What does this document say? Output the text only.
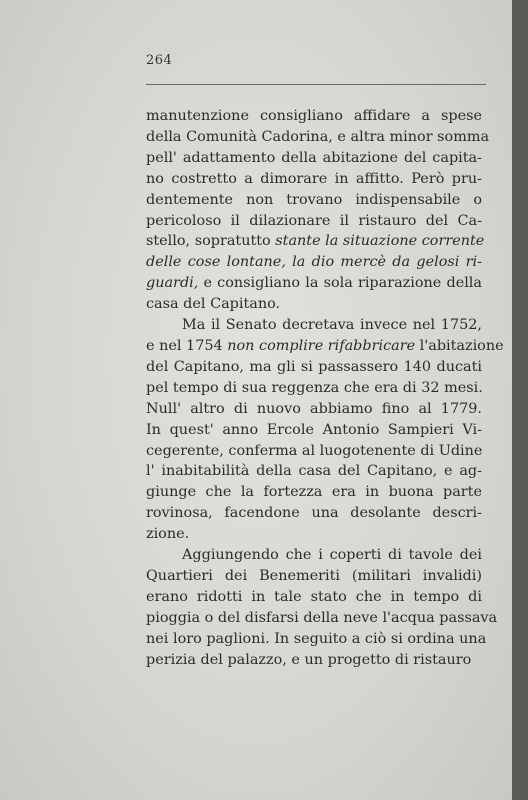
264
manutenzione consigliano affidare a spese
della Comunità Cadorina, e altra minor somma
pell' adattamento della abitazione del capita-
no costretto a dimorare in affitto. Però pru-
dentemente non trovano indispensabile o
pericoloso il dilazionare il ristauro del Ca-
stello, sopratutto stante la situazione corrente
delle cose lontane, la dio mercè da gelosi ri-
guardi, e consigliano la sola riparazione della
casa del Capitano.
Ma il Senato decretava invece nel 1752,
e nel 1754 non complire rifabbricare l'abitazione
del Capitano, ma gli si passassero 140 ducati
pel tempo di sua reggenza che era di 32 mesi.
Null' altro di nuovo abbiamo fino al 1779.
In quest' anno Ercole Antonio Sampieri Vi-
cegerente, conferma al luogotenente di Udine
l' inabitabilità della casa del Capitano, e ag-
giunge che la fortezza era in buona parte
rovinosa, facendone una desolante descri-
zione.
Aggiungendo che i coperti di tavole dei
Quartieri dei Benemeriti (militari invalidi)
erano ridotti in tale stato che in tempo di
pioggia o del disfarsi della neve l'acqua passava
nei loro paglioni. In seguito a ciò si ordina una
perizia del palazzo, e un progetto di ristauro
